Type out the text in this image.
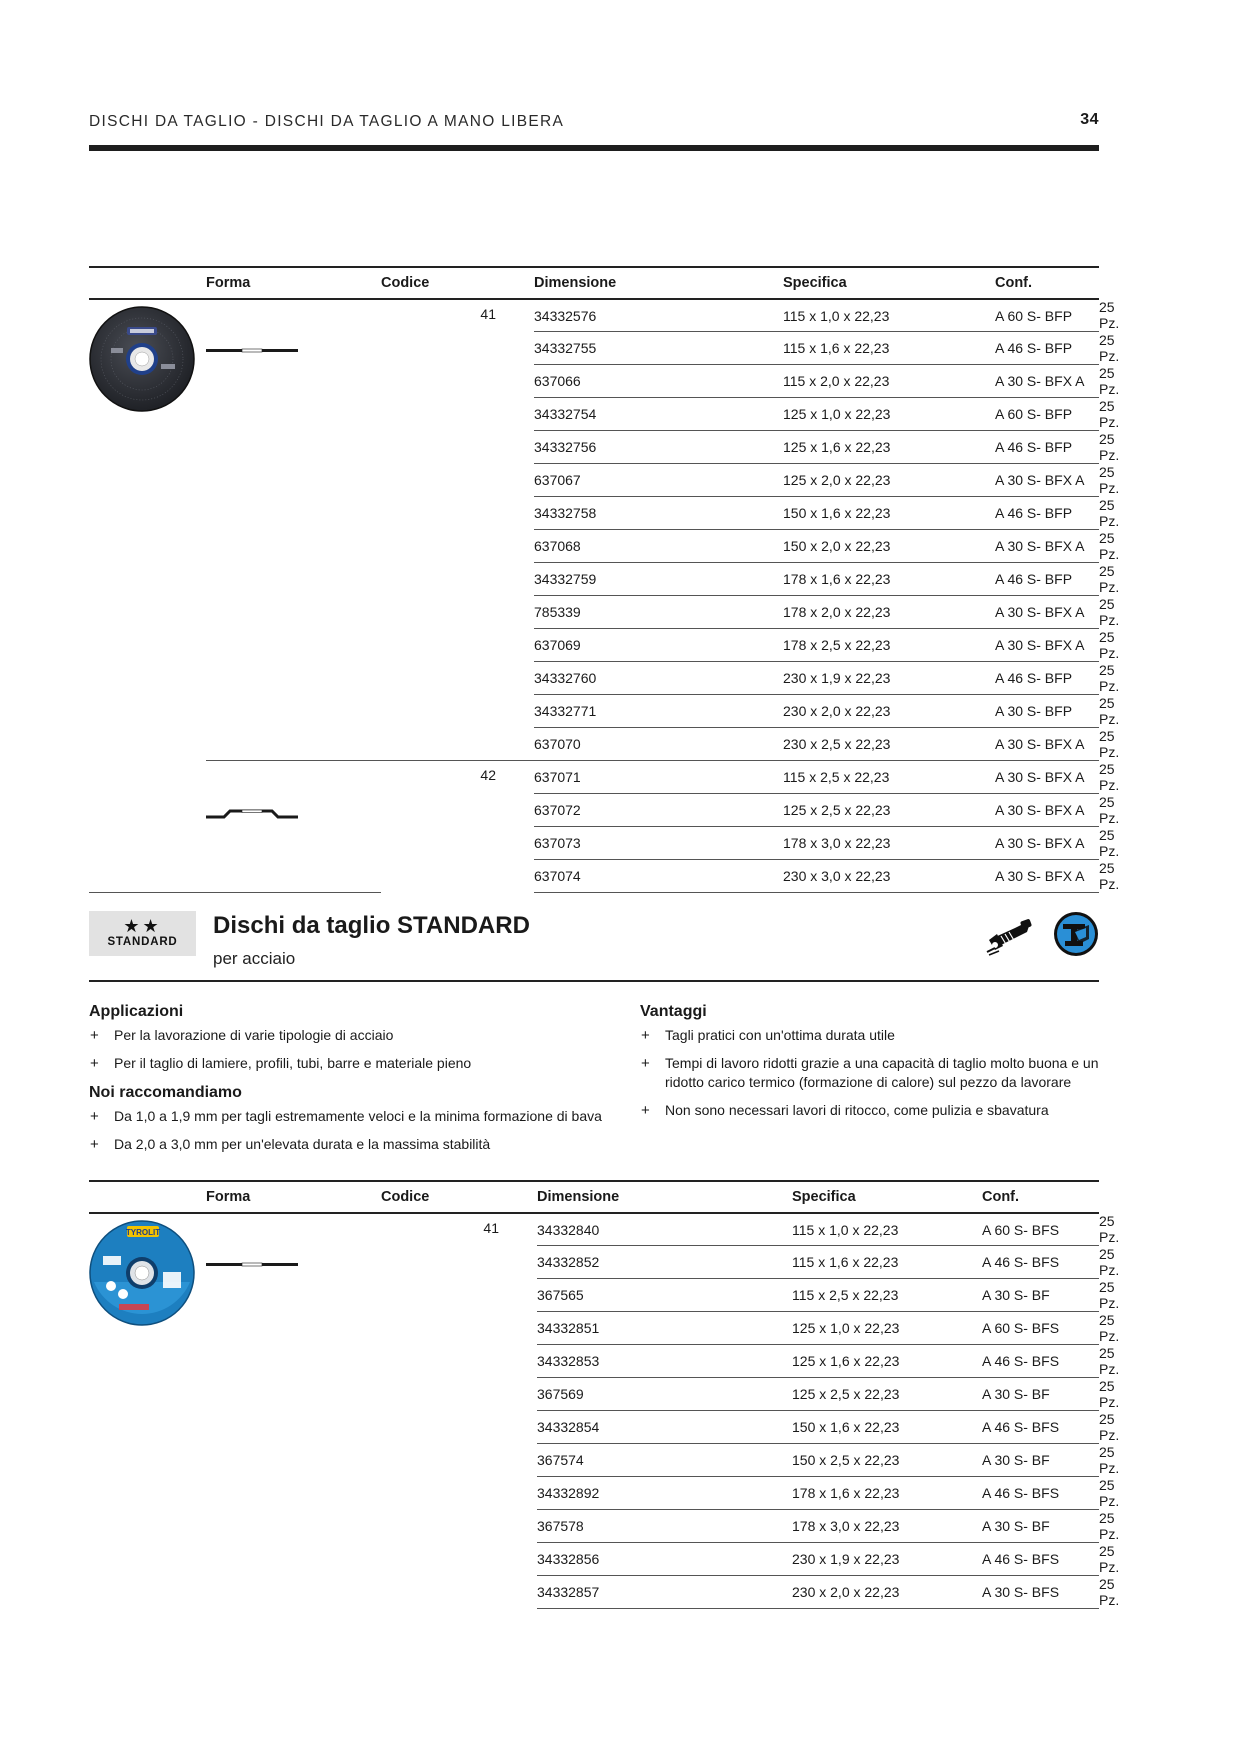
DISCHI DA TAGLIO - DISCHI DA TAGLIO A MANO LIBERA	34
	Forma	Codice	Dimensione	Specifica	Conf.	

	41	34332576	115 x 1,0 x 22,23	A 60 S- BFP	25 Pz.
			34332755	115 x 1,6 x 22,23	A 46 S- BFP	25 Pz.
			637066	115 x 2,0 x 22,23	A 30 S- BFX A	25 Pz.
			34332754	125 x 1,0 x 22,23	A 60 S- BFP	25 Pz.
			34332756	125 x 1,6 x 22,23	A 46 S- BFP	25 Pz.
			637067	125 x 2,0 x 22,23	A 30 S- BFX A	25 Pz.
			34332758	150 x 1,6 x 22,23	A 46 S- BFP	25 Pz.
			637068	150 x 2,0 x 22,23	A 30 S- BFX A	25 Pz.
			34332759	178 x 1,6 x 22,23	A 46 S- BFP	25 Pz.
			785339	178 x 2,0 x 22,23	A 30 S- BFX A	25 Pz.
			637069	178 x 2,5 x 22,23	A 30 S- BFX A	25 Pz.
			34332760	230 x 1,9 x 22,23	A 46 S- BFP	25 Pz.
			34332771	230 x 2,0 x 22,23	A 30 S- BFP	25 Pz.
			637070	230 x 2,5 x 22,23	A 30 S- BFX A	25 Pz.

	42	637071	115 x 2,5 x 22,23	A 30 S- BFX A	25 Pz.
			637072	125 x 2,5 x 22,23	A 30 S- BFX A	25 Pz.
			637073	178 x 3,0 x 22,23	A 30 S- BFX A	25 Pz.
			637074	230 x 3,0 x 22,23	A 30 S- BFX A	25 Pz.
★★
STANDARD
Dischi da taglio STANDARD
per acciaio
Applicazioni
+ Per la lavorazione di varie tipologie di acciaio
+ Per il taglio di lamiere, profili, tubi, barre e materiale pieno
Noi raccomandiamo
+ Da 1,0 a 1,9 mm per tagli estremamente veloci e la minima formazione di bava
+ Da 2,0 a 3,0 mm per un'elevata durata e la massima stabilità
Vantaggi
+ Tagli pratici con un'ottima durata utile
+ Tempi di lavoro ridotti grazie a una capacità di taglio molto buona e un ridotto carico termico (formazione di calore) sul pezzo da lavorare
+ Non sono necessari lavori di ritocco, come pulizia e sbavatura
	Forma	Codice	Dimensione	Specifica	Conf.	

TYROLIT		41	34332840	115 x 1,0 x 22,23	A 60 S- BFS	25 Pz.
			34332852	115 x 1,6 x 22,23	A 46 S- BFS	25 Pz.
			367565	115 x 2,5 x 22,23	A 30 S- BF	25 Pz.
			34332851	125 x 1,0 x 22,23	A 60 S- BFS	25 Pz.
			34332853	125 x 1,6 x 22,23	A 46 S- BFS	25 Pz.
			367569	125 x 2,5 x 22,23	A 30 S- BF	25 Pz.
			34332854	150 x 1,6 x 22,23	A 46 S- BFS	25 Pz.
			367574	150 x 2,5 x 22,23	A 30 S- BF	25 Pz.
			34332892	178 x 1,6 x 22,23	A 46 S- BFS	25 Pz.
			367578	178 x 3,0 x 22,23	A 30 S- BF	25 Pz.
			34332856	230 x 1,9 x 22,23	A 46 S- BFS	25 Pz.
			34332857	230 x 2,0 x 22,23	A 30 S- BFS	25 Pz.
